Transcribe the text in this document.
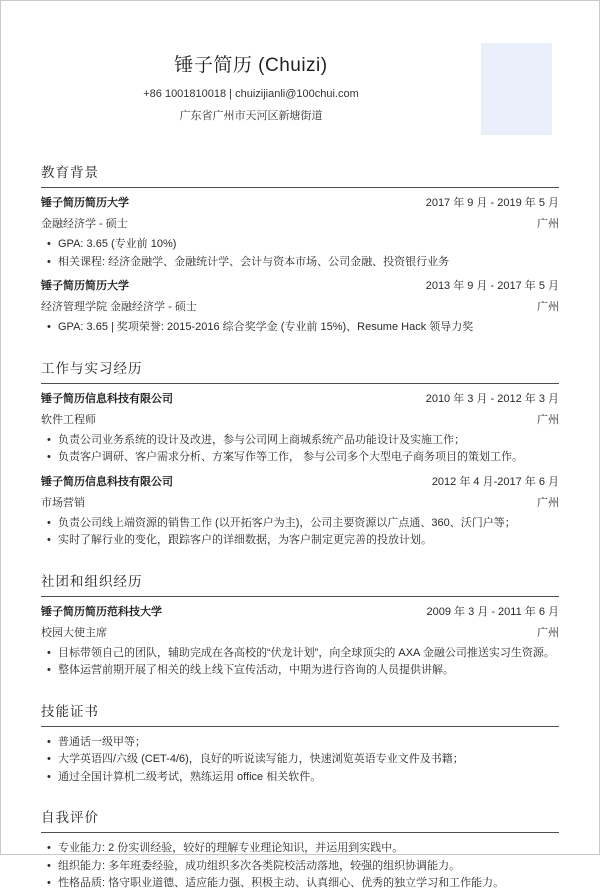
锤子简历 (Chuizi)
+86 1001810018 | chuizijianli@100chui.com
广东省广州市天河区新塘街道
教育背景
锤子简历简历大学	2017 年 9 月 - 2019 年 5 月
金融经济学 - 硕士	广州
• GPA: 3.65 (专业前 10%)
• 相关课程: 经济金融学、金融统计学、会计与资本市场、公司金融、投资银行业务
锤子简历简历大学	2013 年 9 月 - 2017 年 5 月
经济管理学院 金融经济学 - 硕士	广州
• GPA: 3.65 | 奖项荣誉: 2015-2016 综合奖学金 (专业前 15%)、Resume Hack 领导力奖
工作与实习经历
锤子简历信息科技有限公司	2010 年 3 月 - 2012 年 3 月
软件工程师	广州
• 负责公司业务系统的设计及改进，参与公司网上商城系统产品功能设计及实施工作；
• 负责客户调研、客户需求分析、方案写作等工作， 参与公司多个大型电子商务项目的策划工作。
锤子简历信息科技有限公司	2012 年 4 月-2017 年 6 月
市场营销	广州
• 负责公司线上端资源的销售工作 (以开拓客户为主)，公司主要资源以广点通、360、沃门户等；
• 实时了解行业的变化，跟踪客户的详细数据，为客户制定更完善的投放计划。
社团和组织经历
锤子简历简历范科技大学	2009 年 3 月 - 2011 年 6 月
校园大使主席	广州
• 目标带领自己的团队，辅助完成在各高校的“伏龙计划”，向全球顶尖的 AXA 金融公司推送实习生资源。
• 整体运营前期开展了相关的线上线下宣传活动，中期为进行咨询的人员提供讲解。
技能证书
• 普通话一级甲等；
• 大学英语四/六级 (CET-4/6)，良好的听说读写能力，快速浏览英语专业文件及书籍；
• 通过全国计算机二级考试，熟练运用 office 相关软件。
自我评价
• 专业能力: 2 份实训经验，较好的理解专业理论知识，并运用到实践中。
• 组织能力: 多年班委经验，成功组织多次各类院校活动落地，较强的组织协调能力。
• 性格品质: 恪守职业道德、适应能力强、积极主动、认真细心、优秀的独立学习和工作能力。
